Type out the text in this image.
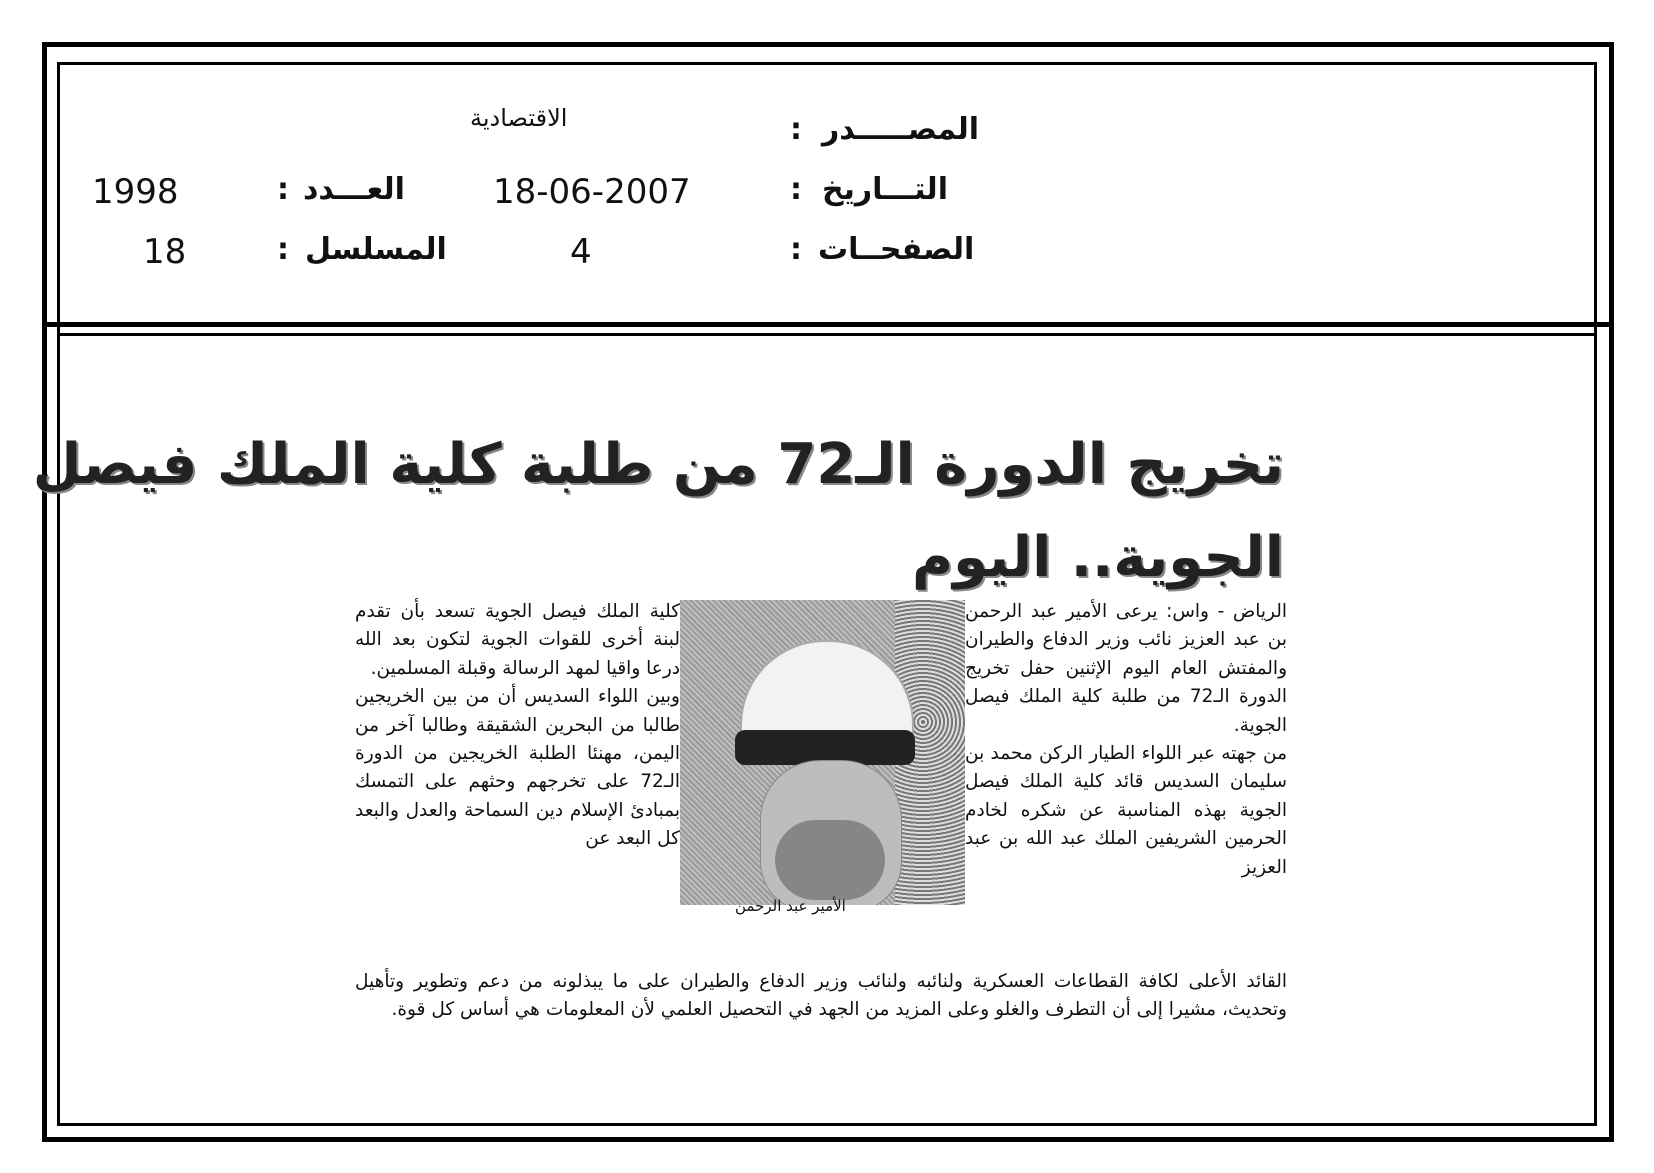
المصـــــدر
:
الاقتصادية
التـــاريخ
:
18-06-2007
العـــدد
:
1998
الصفحــات
:
4
المسلسل
:
18
تخريج الدورة الـ72 من طلبة كلية الملك فيصل
الجوية.. اليوم

الرياض - واس: يرعى الأمير عبد الرحمن بن عبد العزيز نائب وزير الدفاع والطيران والمفتش العام اليوم الإثنين حفل تخريج الدورة الـ72 من طلبة كلية الملك فيصل الجوية.

من جهته عبر اللواء الطيار الركن محمد بن سليمان السديس قائد كلية الملك فيصل الجوية بهذه المناسبة عن شكره لخادم الحرمين الشريفين الملك عبد الله بن عبد العزيز

الأمير عبد الرحمن

كلية الملك فيصل الجوية تسعد بأن تقدم لبنة أخرى للقوات الجوية لتكون بعد الله درعا واقيا لمهد الرسالة وقبلة المسلمين.

وبين اللواء السديس أن من بين الخريجين طالبا من البحرين الشقيقة وطالبا آخر من اليمن، مهنئا الطلبة الخريجين من الدورة الـ72 على تخرجهم وحثهم على التمسك بمبادئ الإسلام دين السماحة والعدل والبعد كل البعد عن

القائد الأعلى لكافة القطاعات العسكرية ولنائبه ولنائب وزير الدفاع والطيران على ما يبذلونه من دعم وتطوير وتأهيل وتحديث، مشيرا إلى أن التطرف والغلو وعلى المزيد من الجهد في التحصيل العلمي لأن المعلومات هي أساس كل قوة.
